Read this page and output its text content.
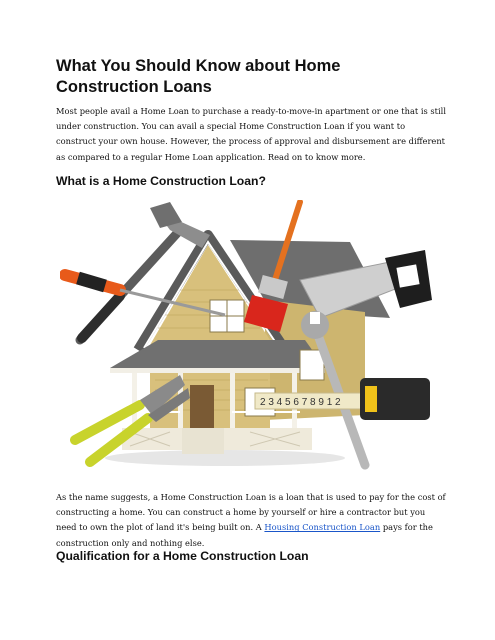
What You Should Know about Home Construction Loans

Most people avail a Home Loan to purchase a ready-to-move-in apartment or one that is still under construction. You can avail a special Home Construction Loan if you want to construct your own house. However, the process of approval and disbursement are different as compared to a regular Home Loan application. Read on to know more.

What is a Home Construction Loan?
2 3 4 5 6 7 8 9 1 2

As the name suggests, a Home Construction Loan is a loan that is used to pay for the cost of constructing a home. You can construct a home by yourself or hire a contractor but you need to own the plot of land it's being built on. A Housing Construction Loan pays for the construction only and nothing else.

Qualification for a Home Construction Loan
